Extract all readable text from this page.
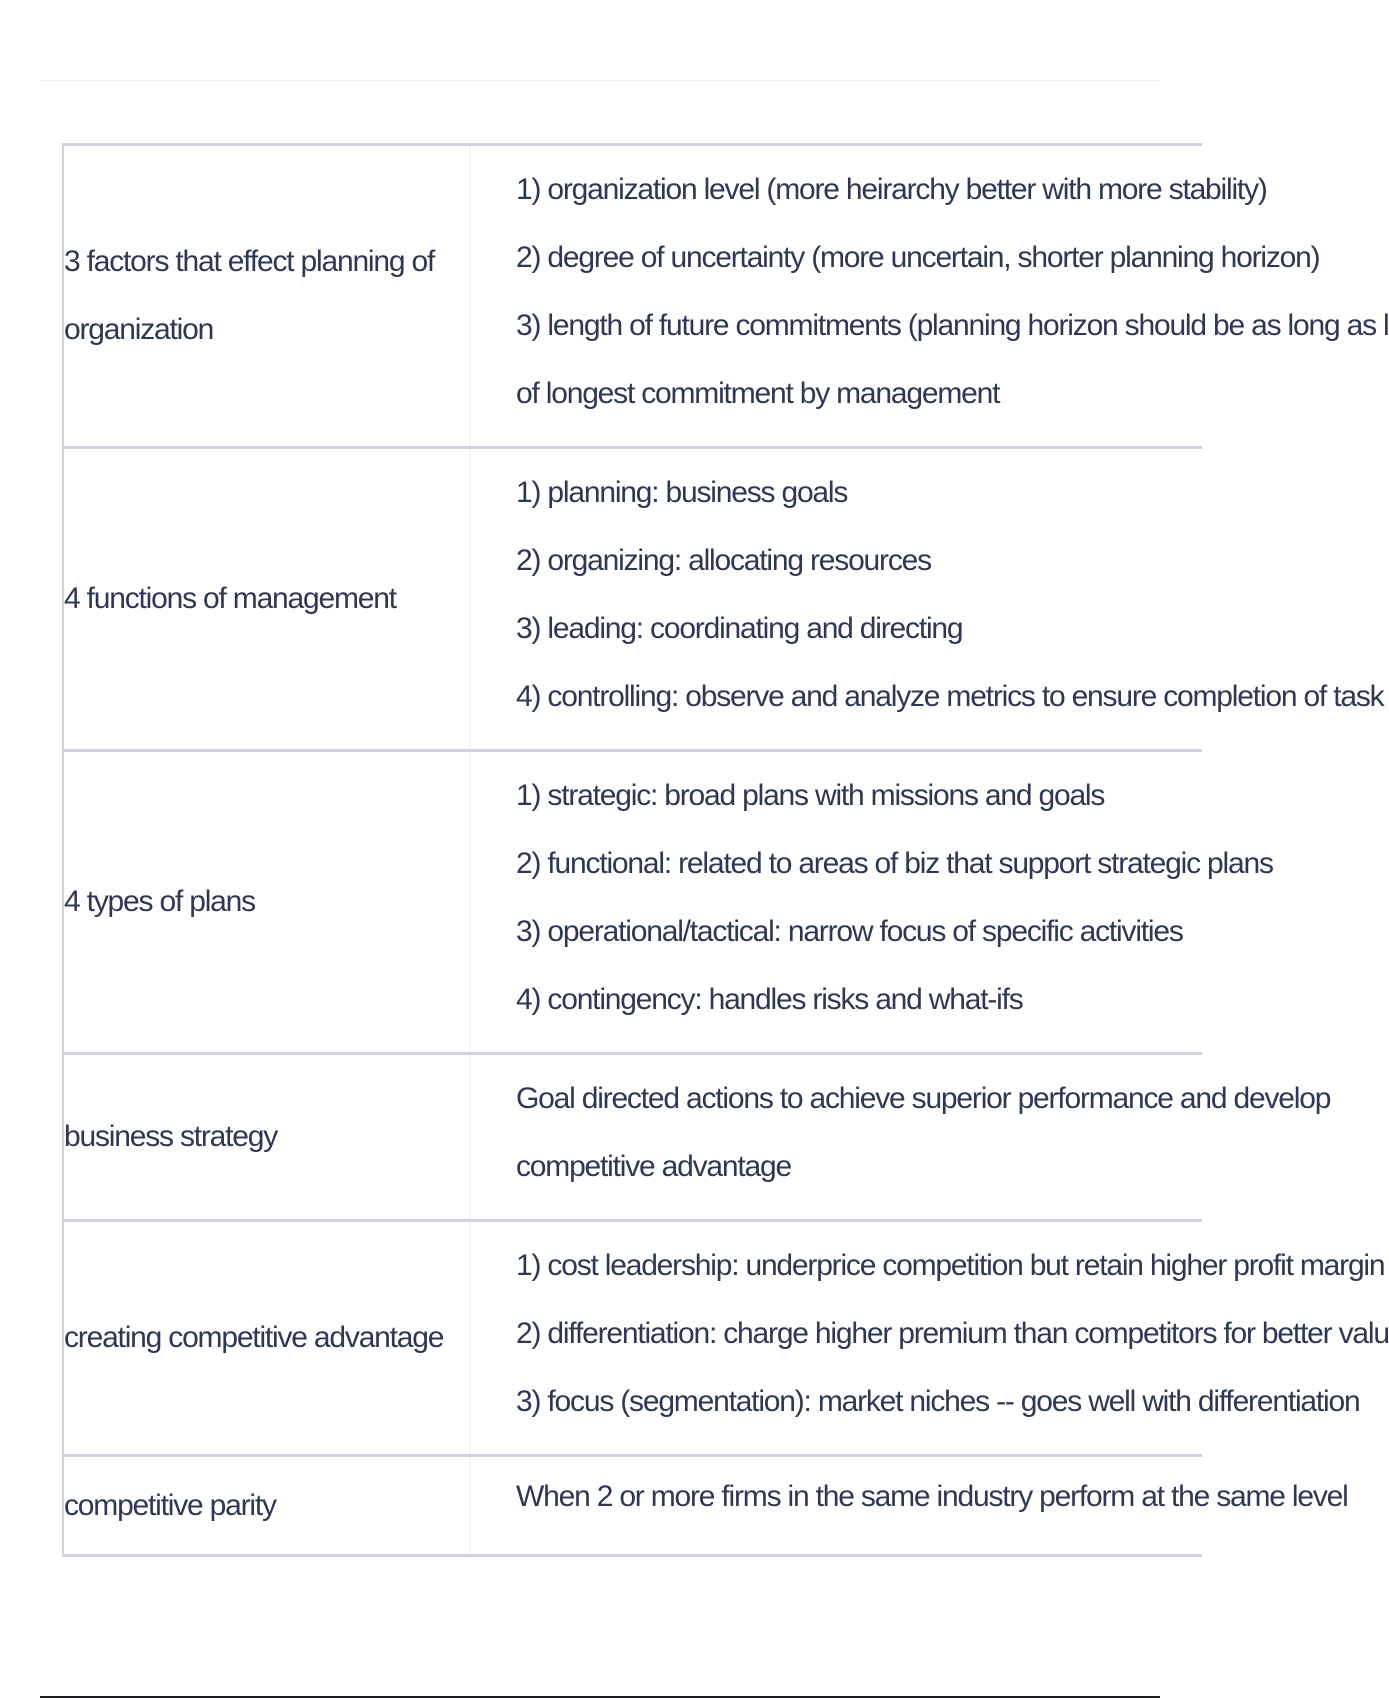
3 factors that effect planning of organization
1) organization level (more heirarchy better with more stability)
2) degree of uncertainty (more uncertain, shorter planning horizon)
3) length of future commitments (planning horizon should be as long as l
of longest commitment by management
4 functions of management
1) planning: business goals
2) organizing: allocating resources
3) leading: coordinating and directing
4) controlling: observe and analyze metrics to ensure completion of task
4 types of plans
1) strategic: broad plans with missions and goals
2) functional: related to areas of biz that support strategic plans
3) operational/tactical: narrow focus of specific activities
4) contingency: handles risks and what-ifs
business strategy
Goal directed actions to achieve superior performance and develop
competitive advantage
creating competitive advantage
1) cost leadership: underprice competition but retain higher profit margin
2) differentiation: charge higher premium than competitors for better valu
3) focus (segmentation): market niches -- goes well with differentiation
competitive parity	When 2 or more firms in the same industry perform at the same level
